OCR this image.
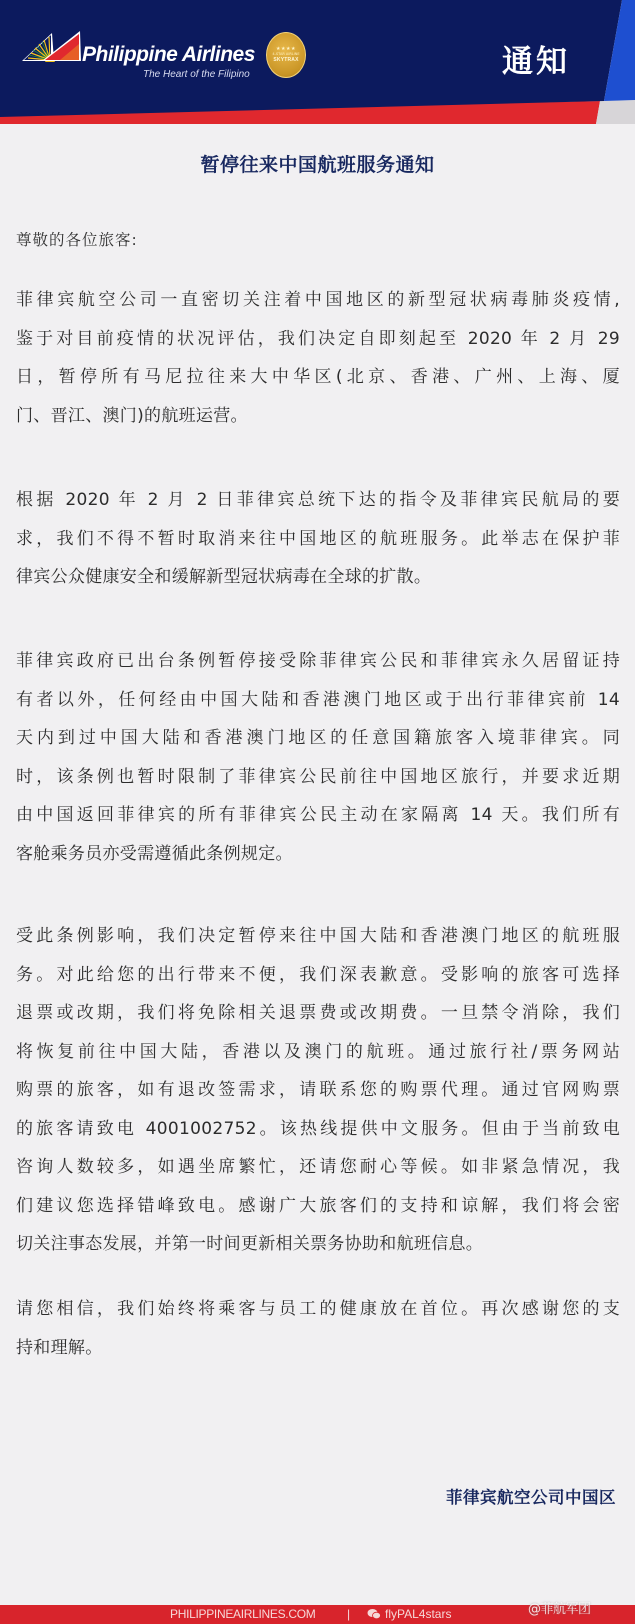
Philippine Airlines
The Heart of the Filipino
★★★★
4-STAR AIRLINE
SKYTRAX	通知
暂停往来中国航班服务通知
尊敬的各位旅客:
菲律宾航空公司一直密切关注着中国地区的新型冠状病毒肺炎疫情,
鉴于对目前疫情的状况评估，我们决定自即刻起至 2020 年 2 月 29
日，暂停所有马尼拉往来大中华区(北京、香港、广州、上海、厦
门、晋江、澳门)的航班运营。
根据 2020 年 2 月 2 日菲律宾总统下达的指令及菲律宾民航局的要
求，我们不得不暂时取消来往中国地区的航班服务。此举志在保护菲
律宾公众健康安全和缓解新型冠状病毒在全球的扩散。
菲律宾政府已出台条例暂停接受除菲律宾公民和菲律宾永久居留证持
有者以外，任何经由中国大陆和香港澳门地区或于出行菲律宾前 14
天内到过中国大陆和香港澳门地区的任意国籍旅客入境菲律宾。同
时，该条例也暂时限制了菲律宾公民前往中国地区旅行，并要求近期
由中国返回菲律宾的所有菲律宾公民主动在家隔离 14 天。我们所有
客舱乘务员亦受需遵循此条例规定。
受此条例影响，我们决定暂停来往中国大陆和香港澳门地区的航班服
务。对此给您的出行带来不便，我们深表歉意。受影响的旅客可选择
退票或改期，我们将免除相关退票费或改期费。一旦禁令消除，我们
将恢复前往中国大陆，香港以及澳门的航班。通过旅行社/票务网站
购票的旅客，如有退改签需求，请联系您的购票代理。通过官网购票
的旅客请致电 4001002752。该热线提供中文服务。但由于当前致电
咨询人数较多，如遇坐席繁忙，还请您耐心等候。如非紧急情况，我
们建议您选择错峰致电。感谢广大旅客们的支持和谅解，我们将会密
切关注事态发展，并第一时间更新相关票务协助和航班信息。
请您相信，我们始终将乘客与员工的健康放在首位。再次感谢您的支
持和理解。
菲律宾航空公司中国区
PHILIPPINEAIRLINES.COM	|	flyPAL4stars	@菲航军团
